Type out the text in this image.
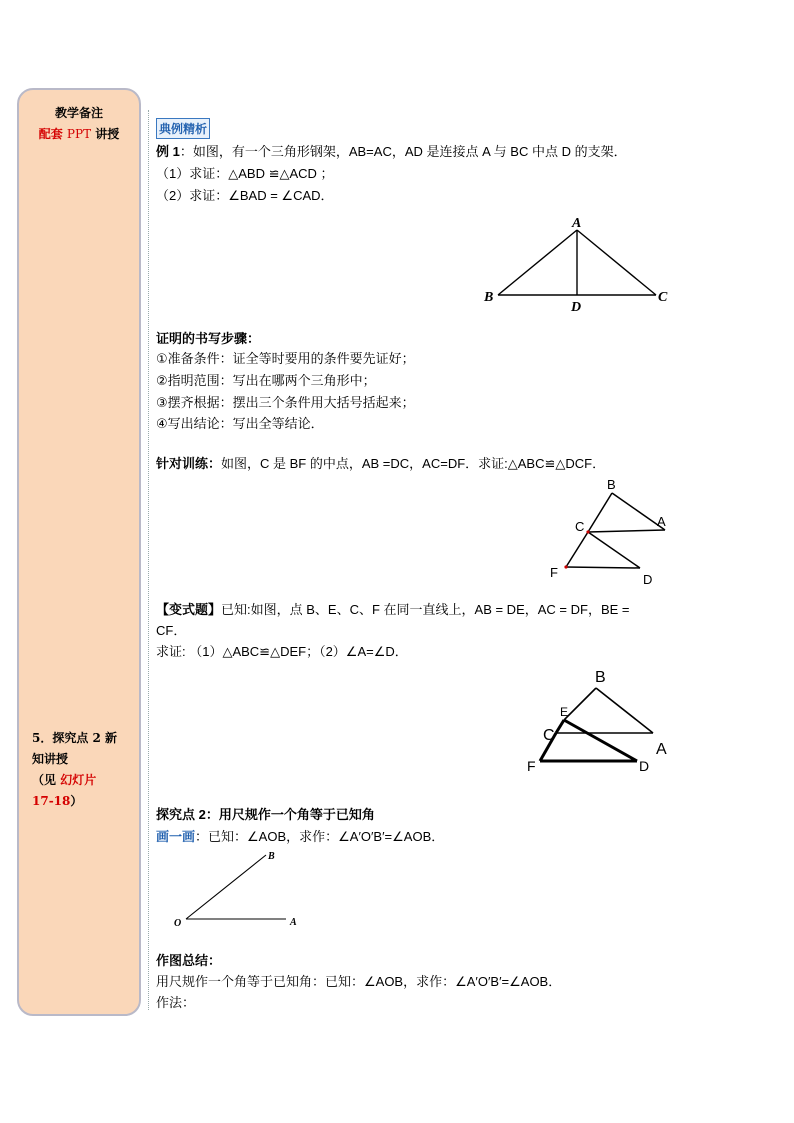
教学备注
配套 PPT 讲授
5．探究点 2 新
知讲授
（见 幻灯片
17-18）
典例精析
例 1：如图，有一个三角形钢架，AB=AC，AD 是连接点 A 与 BC 中点 D 的支架．
（1）求证：△ABD ≌△ACD ；
（2）求证：∠BAD = ∠CAD．
A
B	C
D
证明的书写步骤：
①准备条件：证全等时要用的条件要先证好；
②指明范围：写出在哪两个三角形中；
③摆齐根据：摆出三个条件用大括号括起来；
④写出结论：写出全等结论．
针对训练：如图，C 是 BF 的中点，AB =DC，AC=DF．求证:△ABC≌△DCF．
B
C	A
F	D
【变式题】已知:如图，点 B、E、C、F 在同一直线上，AB = DE，AC = DF，BE =
CF．
求证: （1）△ABC≌△DEF；（2）∠A=∠D．
B
E
C
A
F	D
探究点 2：用尺规作一个角等于已知角
画一画：已知：∠AOB，求作：∠A′O′B′=∠AOB．
O	A
B
作图总结：
用尺规作一个角等于已知角：已知：∠AOB，求作：∠A′O′B′=∠AOB．
作法：
